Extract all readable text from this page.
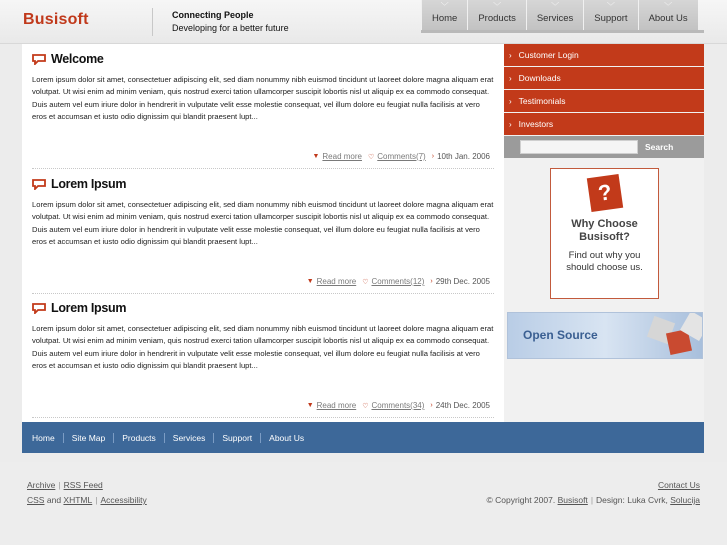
Busisoft	Connecting People
Developing for a better future
﹀
Home
﹀
Products
﹀
Services
﹀
Support
﹀
About Us
Welcome
Lorem ipsum dolor sit amet, consectetuer adipiscing elit, sed diam nonummy nibh euismod tincidunt ut laoreet dolore magna aliquam erat volutpat. Ut wisi enim ad minim veniam, quis nostrud exerci tation ullamcorper suscipit lobortis nisl ut aliquip ex ea commodo consequat. Duis autem vel eum iriure dolor in hendrerit in vulputate velit esse molestie consequat, vel illum dolore eu feugiat nulla facilisis at vero eros et accumsan et iusto odio dignissim qui blandit praesent lupt...
▼ Read more ♡ Comments(7) › 10th Jan. 2006
Lorem Ipsum
Lorem ipsum dolor sit amet, consectetuer adipiscing elit, sed diam nonummy nibh euismod tincidunt ut laoreet dolore magna aliquam erat volutpat. Ut wisi enim ad minim veniam, quis nostrud exerci tation ullamcorper suscipit lobortis nisl ut aliquip ex ea commodo consequat. Duis autem vel eum iriure dolor in hendrerit in vulputate velit esse molestie consequat, vel illum dolore eu feugiat nulla facilisis at vero eros et accumsan et iusto odio dignissim qui blandit praesent lupt...
▼ Read more ♡ Comments(12) › 29th Dec. 2005
Lorem Ipsum
Lorem ipsum dolor sit amet, consectetuer adipiscing elit, sed diam nonummy nibh euismod tincidunt ut laoreet dolore magna aliquam erat volutpat. Ut wisi enim ad minim veniam, quis nostrud exerci tation ullamcorper suscipit lobortis nisl ut aliquip ex ea commodo consequat. Duis autem vel eum iriure dolor in hendrerit in vulputate velit esse molestie consequat, vel illum dolore eu feugiat nulla facilisis at vero eros et accumsan et iusto odio dignissim qui blandit praesent lupt...
▼ Read more ♡ Comments(34) › 24th Dec. 2005
› Customer Login
› Downloads
› Testimonials
› Investors
Search
?
Why Choose
Busisoft?
Find out why you
should choose us.
Open Source
Home	Site Map	Products	Services	Support	About Us
Archive | RSS Feed
CSS and XHTML | Accessibility
Contact Us
© Copyright 2007. Busisoft | Design: Luka Cvrk, Solucija
